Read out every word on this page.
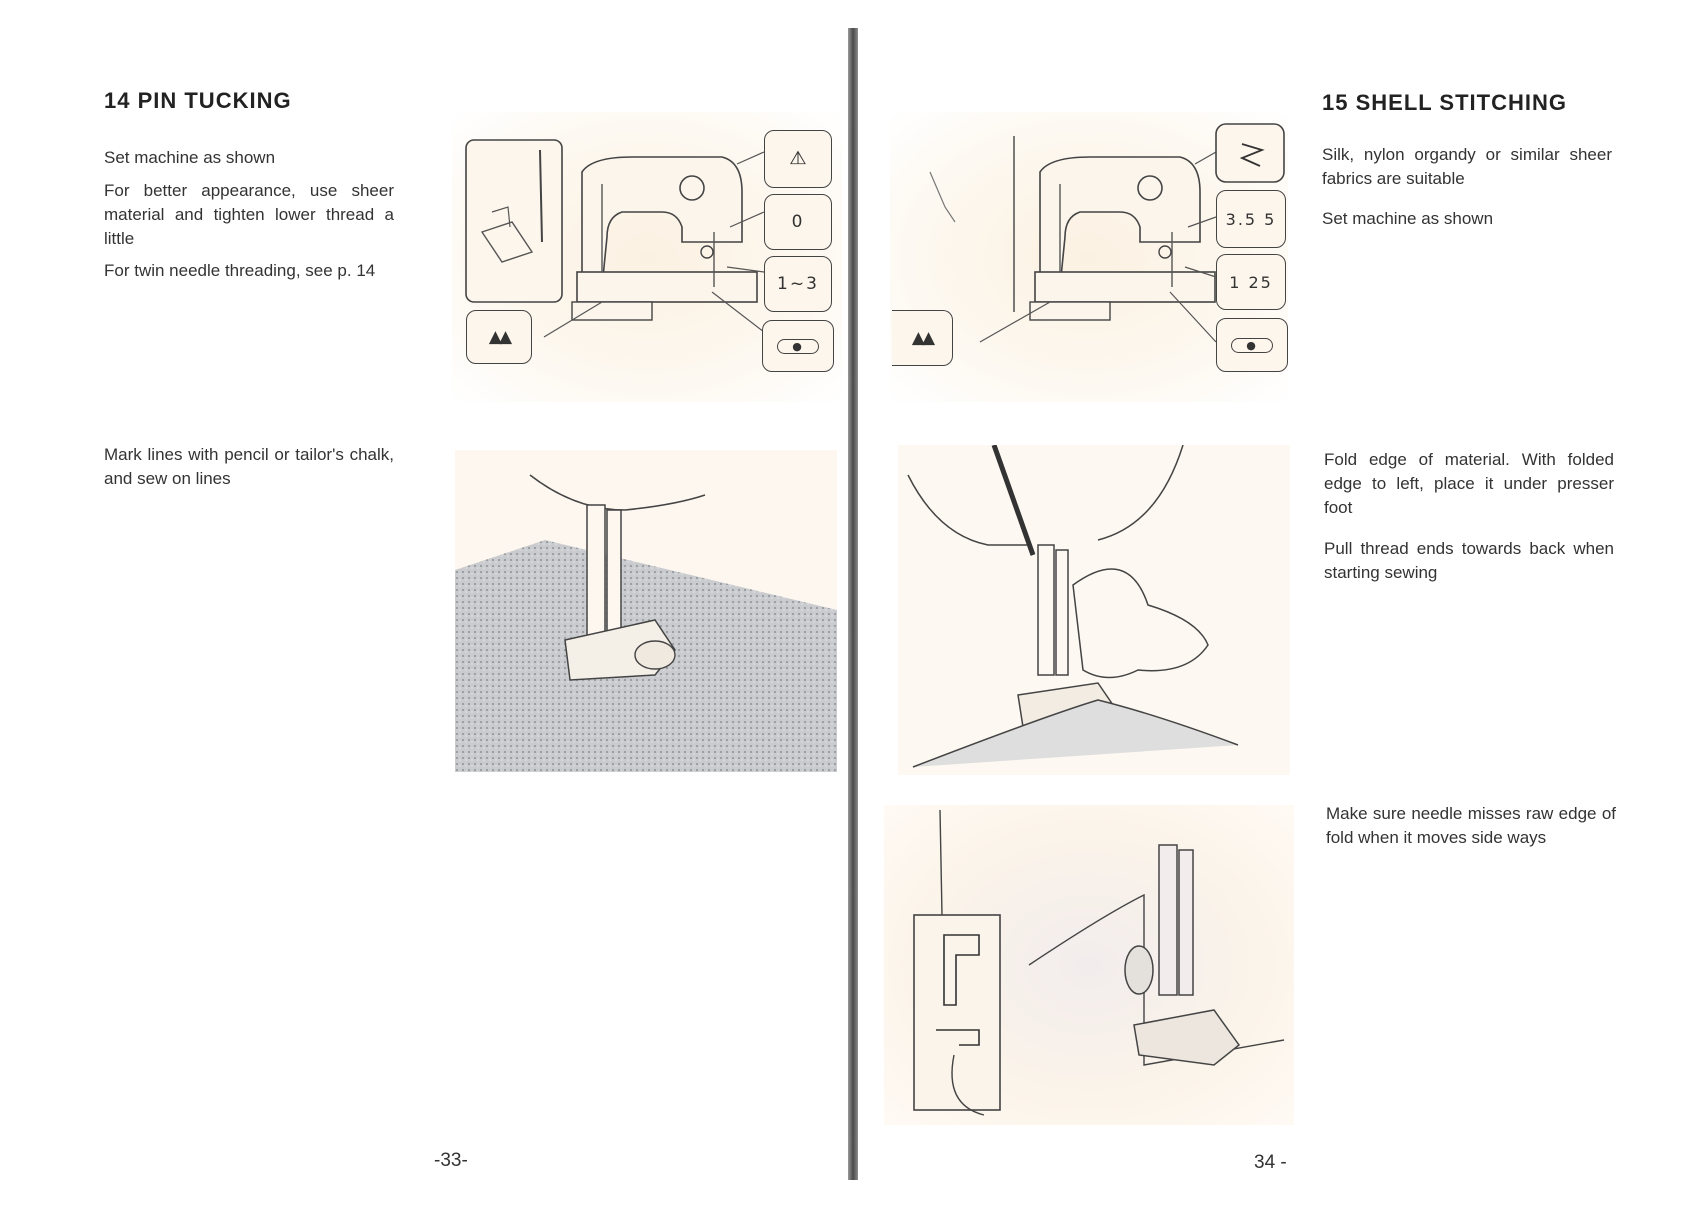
14 PIN TUCKING

Set machine as shown

For better appearance, use sheer material and tighten lower thread a little

For twin needle threading, see p. 14

Mark lines with pencil or tailor's chalk, and sew on lines

⩤
0
1~3
●
▲▲
-33-
15 SHELL STITCHING

Silk, nylon organdy or similar sheer fabrics are suitable

Set machine as shown

Fold edge of material. With folded edge to left, place it under presser foot

Pull thread ends towards back when starting sewing

Make sure needle misses raw edge of fold when it moves side ways

3.5 5
1 25
●
▲▲
34 -
